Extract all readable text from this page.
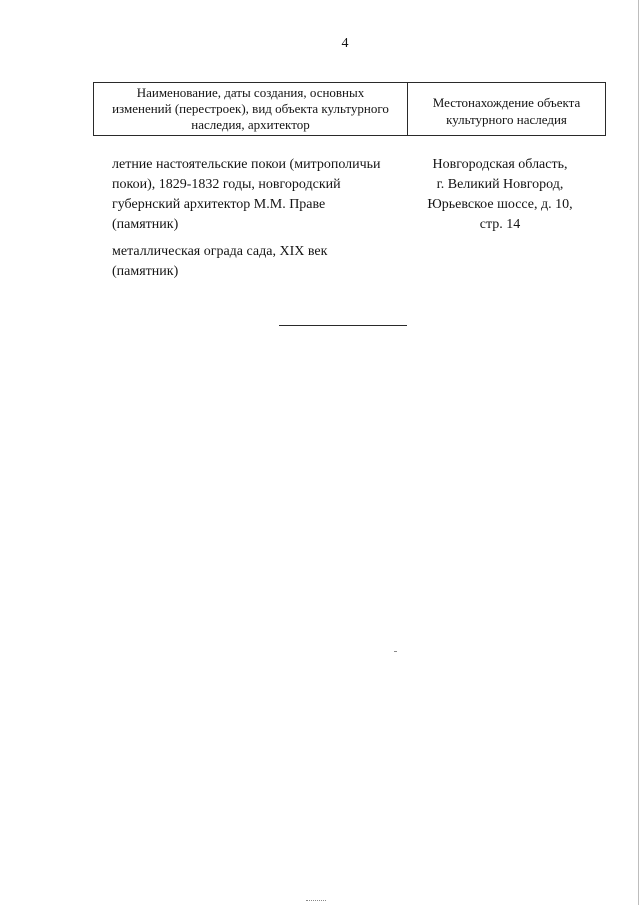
4
Наименование, даты создания, основных
изменений (перестроек), вид объекта культурного
наследия, архитектор
Местонахождение объекта
культурного наследия
летние настоятельские покои (митрополичьи
покои), 1829-1832 годы, новгородский
губернский архитектор М.М. Праве
(памятник)
Новгородская область,
г. Великий Новгород,
Юрьевское шоссе, д. 10,
стр. 14
металлическая ограда сада, XIX век
(памятник)
